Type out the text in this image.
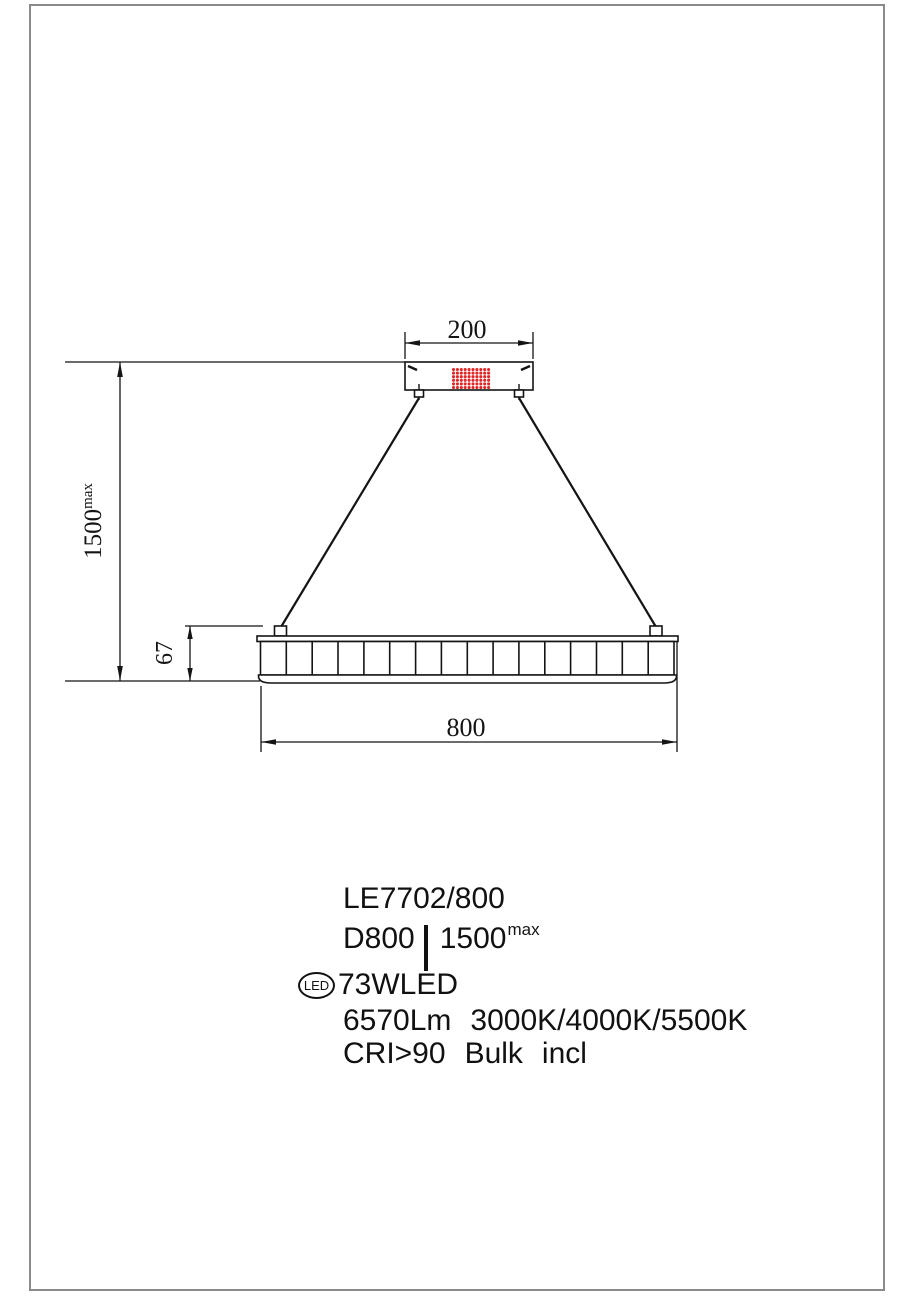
200
$1500^{max}$
67
800
LE7702/800
D800 1500 max
LED 73WLED
6570Lm 3000K/4000K/5500K
CRI>90 Bulk incl
